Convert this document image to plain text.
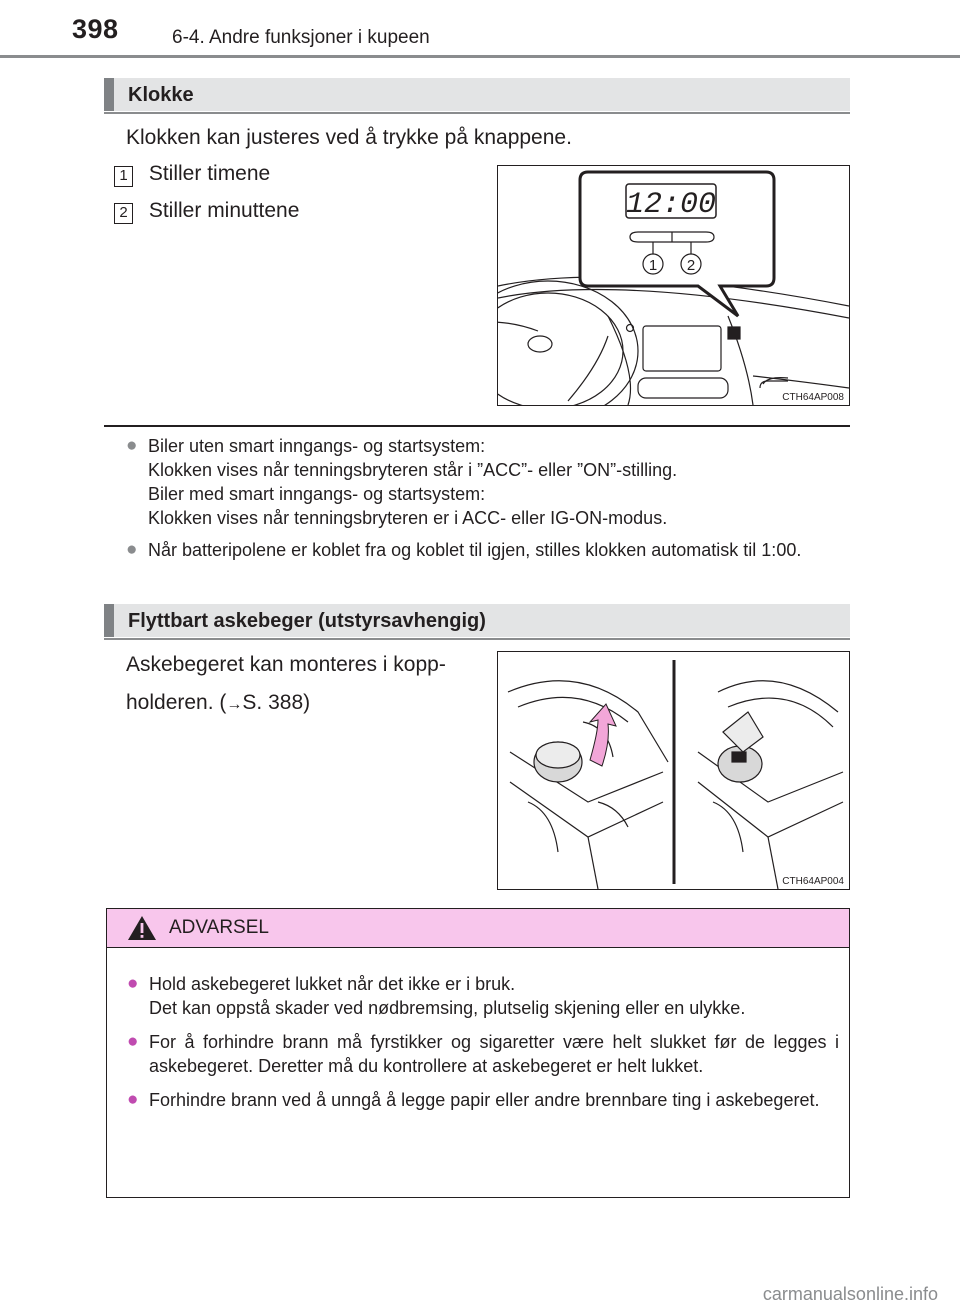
398	6-4. Andre funksjoner i kupeen
Klokke
Klokken kan justeres ved å trykke på knappene.
1 Stiller timene
2 Stiller minuttene	12:00
1 2
CTH64AP008
● Biler uten smart inngangs- og startsystem:
Klokken vises når tenningsbryteren står i ”ACC”- eller ”ON”-stilling.
Biler med smart inngangs- og startsystem:
Klokken vises når tenningsbryteren er i ACC- eller IG-ON-modus.
● Når batteripolene er koblet fra og koblet til igjen, stilles klokken automatisk til 1:00.
Flyttbart askebeger (utstyrsavhengig)
Askebegeret kan monteres i kopp-
holderen. (→S. 388)
CTH64AP004
ADVARSEL
● Hold askebegeret lukket når det ikke er i bruk.
Det kan oppstå skader ved nødbremsing, plutselig skjening eller en ulykke.
● For å forhindre brann må fyrstikker og sigaretter være helt slukket før de legges i askebegeret. Deretter må du kontrollere at askebegeret er helt lukket.
● Forhindre brann ved å unngå å legge papir eller andre brennbare ting i askebegeret.
carmanualsonline.info
